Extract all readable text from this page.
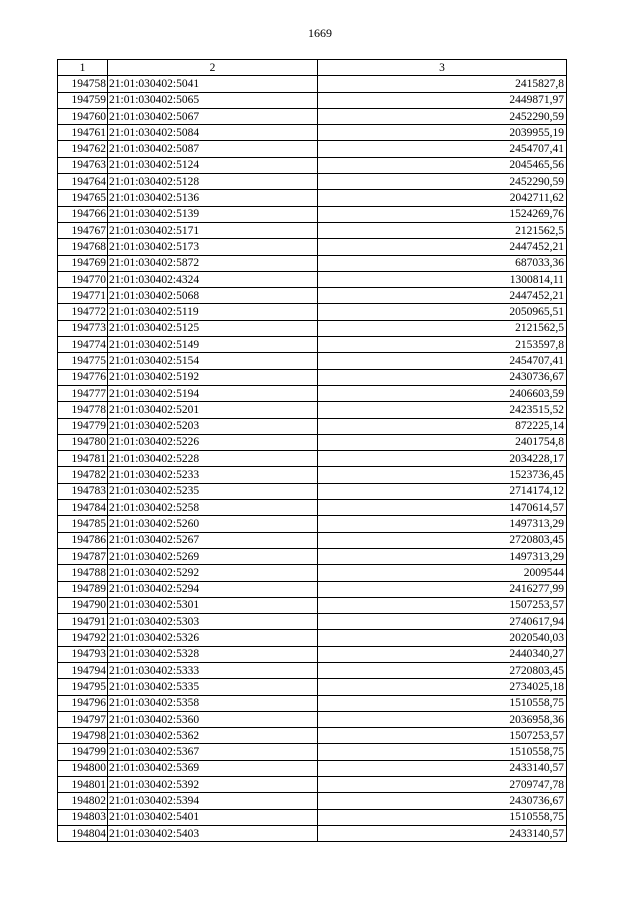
1669
1	2	3
194758	21:01:030402:5041	2415827,8
194759	21:01:030402:5065	2449871,97
194760	21:01:030402:5067	2452290,59
194761	21:01:030402:5084	2039955,19
194762	21:01:030402:5087	2454707,41
194763	21:01:030402:5124	2045465,56
194764	21:01:030402:5128	2452290,59
194765	21:01:030402:5136	2042711,62
194766	21:01:030402:5139	1524269,76
194767	21:01:030402:5171	2121562,5
194768	21:01:030402:5173	2447452,21
194769	21:01:030402:5872	687033,36
194770	21:01:030402:4324	1300814,11
194771	21:01:030402:5068	2447452,21
194772	21:01:030402:5119	2050965,51
194773	21:01:030402:5125	2121562,5
194774	21:01:030402:5149	2153597,8
194775	21:01:030402:5154	2454707,41
194776	21:01:030402:5192	2430736,67
194777	21:01:030402:5194	2406603,59
194778	21:01:030402:5201	2423515,52
194779	21:01:030402:5203	872225,14
194780	21:01:030402:5226	2401754,8
194781	21:01:030402:5228	2034228,17
194782	21:01:030402:5233	1523736,45
194783	21:01:030402:5235	2714174,12
194784	21:01:030402:5258	1470614,57
194785	21:01:030402:5260	1497313,29
194786	21:01:030402:5267	2720803,45
194787	21:01:030402:5269	1497313,29
194788	21:01:030402:5292	2009544
194789	21:01:030402:5294	2416277,99
194790	21:01:030402:5301	1507253,57
194791	21:01:030402:5303	2740617,94
194792	21:01:030402:5326	2020540,03
194793	21:01:030402:5328	2440340,27
194794	21:01:030402:5333	2720803,45
194795	21:01:030402:5335	2734025,18
194796	21:01:030402:5358	1510558,75
194797	21:01:030402:5360	2036958,36
194798	21:01:030402:5362	1507253,57
194799	21:01:030402:5367	1510558,75
194800	21:01:030402:5369	2433140,57
194801	21:01:030402:5392	2709747,78
194802	21:01:030402:5394	2430736,67
194803	21:01:030402:5401	1510558,75
194804	21:01:030402:5403	2433140,57
